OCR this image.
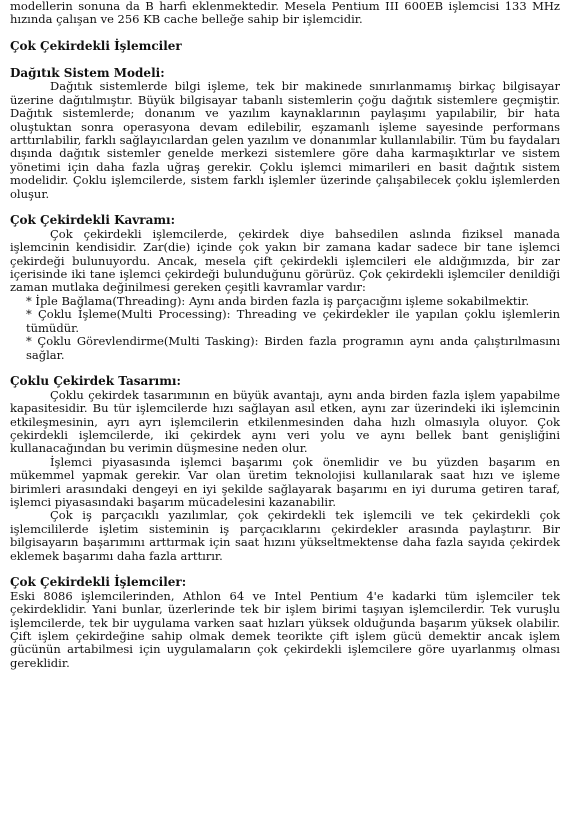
modellerin sonuna da B harfi eklenmektedir. Mesela Pentium III 600EB işlemcisi 133 MHz hızında çalışan ve 256 KB cache belleğe sahip bir işlemcidir.

Çok Çekirdekli İşlemciler
Dağıtık Sistem Modeli:

Dağıtık sistemlerde bilgi işleme, tek bir makinede sınırlanmamış birkaç bilgisayar üzerine dağıtılmıştır. Büyük bilgisayar tabanlı sistemlerin çoğu dağıtık sistemlere geçmiştir. Dağıtık sistemlerde; donanım ve yazılım kaynaklarının paylaşımı yapılabilir, bir hata oluştuktan sonra operasyona devam edilebilir, eşzamanlı işleme sayesinde performans arttırılabilir, farklı sağlayıcılardan gelen yazılım ve donanımlar kullanılabilir. Tüm bu faydaları dışında dağıtık sistemler genelde merkezi sistemlere göre daha karmaşıktırlar ve sistem yönetimi için daha fazla uğraş gerekir. Çoklu işlemci mimarileri en basit dağıtık sistem modelidir. Çoklu işlemcilerde, sistem farklı işlemler üzerinde çalışabilecek çoklu işlemlerden oluşur.

Çok Çekirdekli Kavramı:

Çok çekirdekli işlemcilerde, çekirdek diye bahsedilen aslında fiziksel manada işlemcinin kendisidir. Zar(die) içinde çok yakın bir zamana kadar sadece bir tane işlemci çekirdeği bulunuyordu. Ancak, mesela çift çekirdekli işlemcileri ele aldığımızda, bir zar içerisinde iki tane işlemci çekirdeği bulunduğunu görürüz. Çok çekirdekli işlemciler denildiği zaman mutlaka değinilmesi gereken çeşitli kavramlar vardır:

* İple Bağlama(Threading): Aynı anda birden fazla iş parçacığını işleme sokabilmektir.

* Çoklu İşleme(Multi Processing): Threading ve çekirdekler ile yapılan çoklu işlemlerin tümüdür.

* Çoklu Görevlendirme(Multi Tasking): Birden fazla programın aynı anda çalıştırılmasını sağlar.

Çoklu Çekirdek Tasarımı:

Çoklu çekirdek tasarımının en büyük avantajı, aynı anda birden fazla işlem yapabilme kapasitesidir. Bu tür işlemcilerde hızı sağlayan asıl etken, aynı zar üzerindeki iki işlemcinin etkileşmesinin, ayrı ayrı işlemcilerin etkilenmesinden daha hızlı olmasıyla oluyor. Çok çekirdekli işlemcilerde, iki çekirdek aynı veri yolu ve aynı bellek bant genişliğini kullanacağından bu verimin düşmesine neden olur.

İşlemci piyasasında işlemci başarımı çok önemlidir ve bu yüzden başarım en mükemmel yapmak gerekir. Var olan üretim teknolojisi kullanılarak saat hızı ve işleme birimleri arasındaki dengeyi en iyi şekilde sağlayarak başarımı en iyi duruma getiren taraf, işlemci piyasasındaki başarım mücadelesini kazanabilir.

Çok iş parçacıklı yazılımlar, çok çekirdekli tek işlemcili ve tek çekirdekli çok işlemcililerde işletim sisteminin iş parçacıklarını çekirdekler arasında paylaştırır. Bir bilgisayarın başarımını arttırmak için saat hızını yükseltmektense daha fazla sayıda çekirdek eklemek başarımı daha fazla arttırır.

Çok Çekirdekli İşlemciler:

Eski 8086 işlemcilerinden, Athlon 64 ve Intel Pentium 4'e kadarki tüm işlemciler tek çekirdeklidir. Yani bunlar, üzerlerinde tek bir işlem birimi taşıyan işlemcilerdir. Tek vuruşlu işlemcilerde, tek bir uygulama varken saat hızları yüksek olduğunda başarım yüksek olabilir. Çift işlem çekirdeğine sahip olmak demek teorikte çift işlem gücü demektir ancak işlem gücünün artabilmesi için uygulamaların çok çekirdekli işlemcilere göre uyarlanmış olması gereklidir.
